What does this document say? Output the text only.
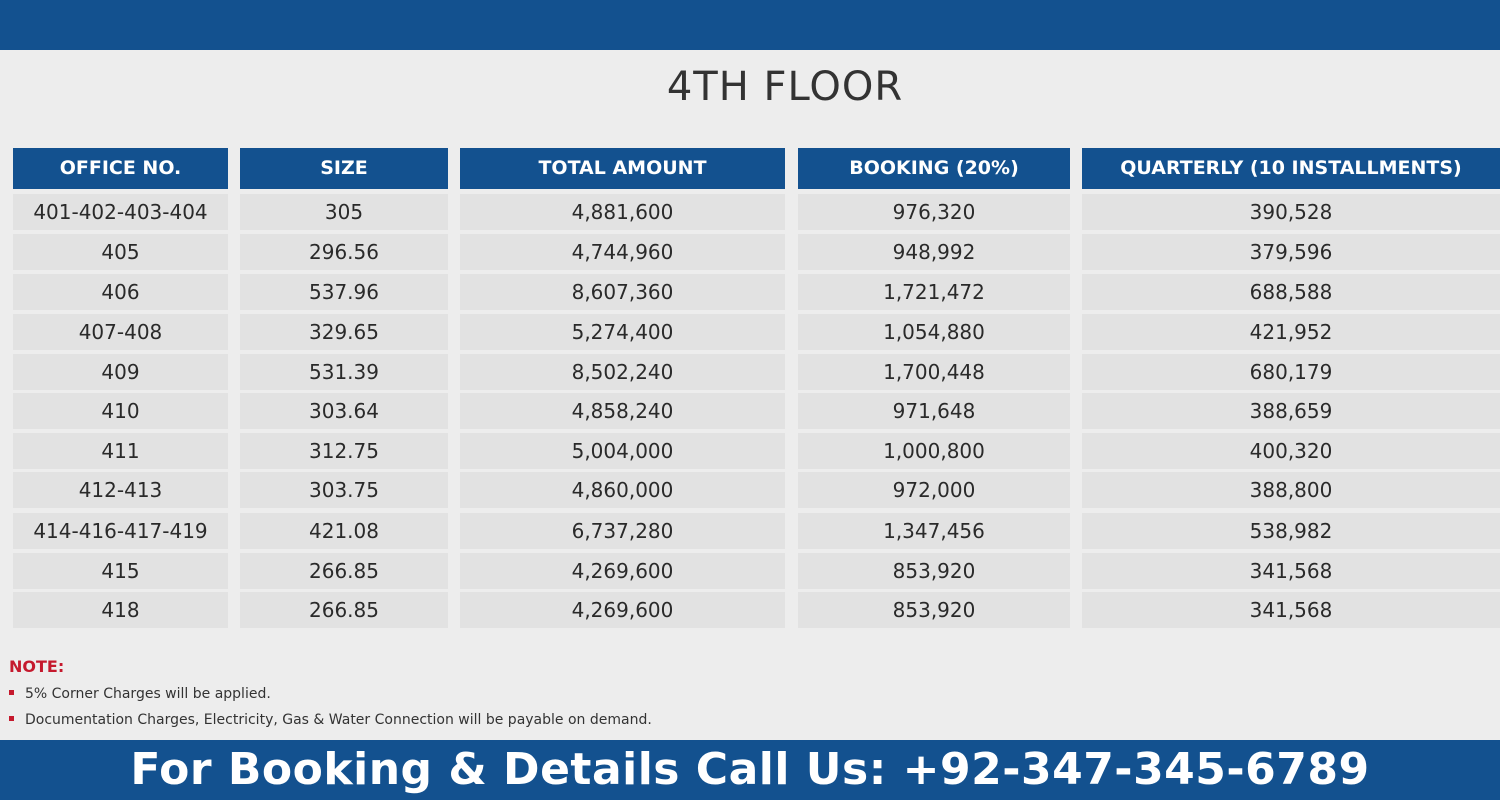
4TH FLOOR
OFFICE NO.	SIZE	TOTAL AMOUNT	BOOKING (20%)	QUARTERLY (10 INSTALLMENTS)
401-402-403-404	305	4,881,600	976,320	390,528
405	296.56	4,744,960	948,992	379,596
406	537.96	8,607,360	1,721,472	688,588
407-408	329.65	5,274,400	1,054,880	421,952
409	531.39	8,502,240	1,700,448	680,179
410	303.64	4,858,240	971,648	388,659
411	312.75	5,004,000	1,000,800	400,320
412-413	303.75	4,860,000	972,000	388,800
414-416-417-419	421.08	6,737,280	1,347,456	538,982
415	266.85	4,269,600	853,920	341,568
418	266.85	4,269,600	853,920	341,568
NOTE:
5% Corner Charges will be applied.
Documentation Charges, Electricity, Gas & Water Connection will be payable on demand.
For Booking & Details Call Us: +92-347-345-6789
